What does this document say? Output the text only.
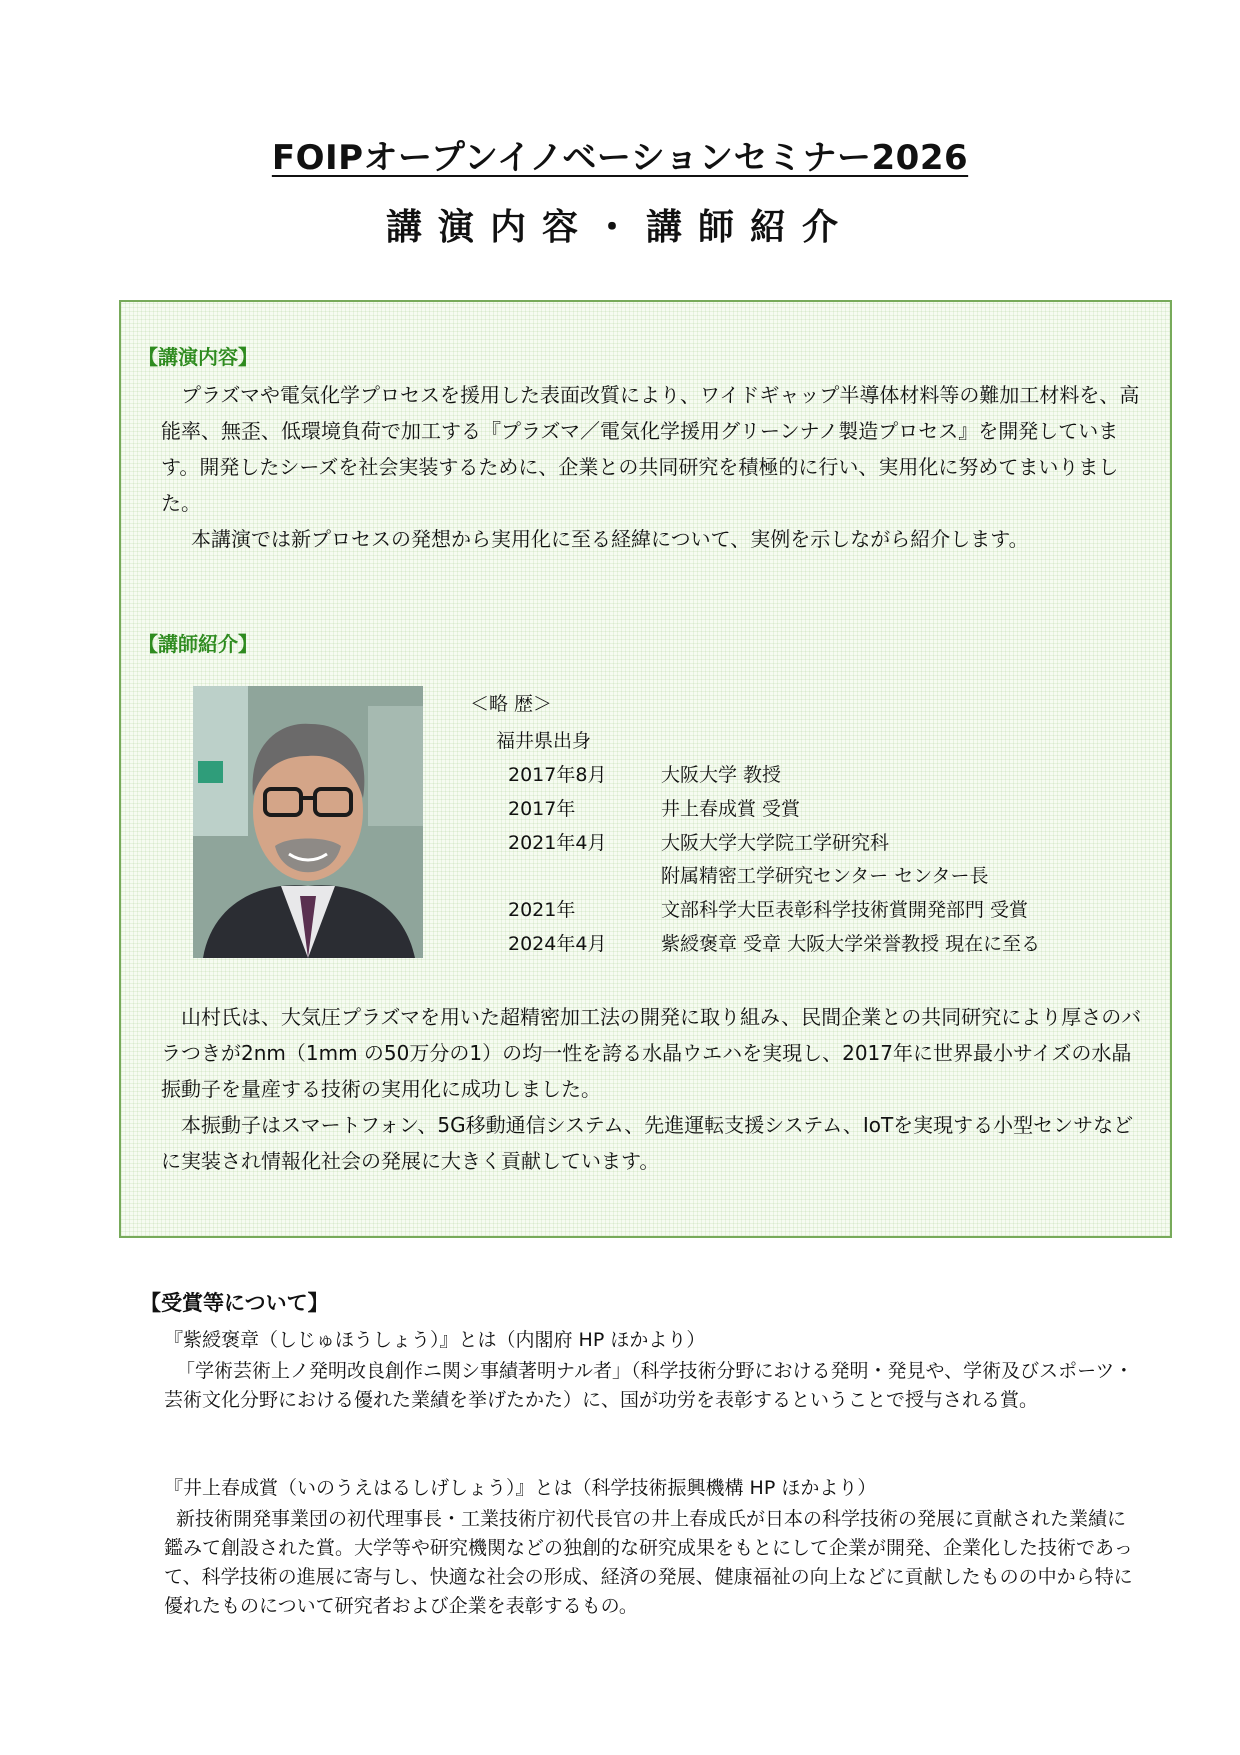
FOIPオープンイノベーションセミナー2026
講演内容・講師紹介
【講演内容】

プラズマや電気化学プロセスを援用した表面改質により、ワイドギャップ半導体材料等の難加工材料を、高能率、無歪、低環境負荷で加工する『プラズマ／電気化学援用グリーンナノ製造プロセス』を開発しています。開発したシーズを社会実装するために、企業との共同研究を積極的に行い、実用化に努めてまいりました。

本講演では新プロセスの発想から実用化に至る経緯について、実例を示しながら紹介します。

【講師紹介】
＜略 歴＞
福井県出身
2017年8月	大阪大学 教授
2017年	井上春成賞 受賞
2021年4月	大阪大学大学院工学研究科
附属精密工学研究センター センター長
2021年	文部科学大臣表彰科学技術賞開発部門 受賞
2024年4月	紫綬褒章 受章 大阪大学栄誉教授 現在に至る

山村氏は、大気圧プラズマを用いた超精密加工法の開発に取り組み、民間企業との共同研究により厚さのバラつきが2nm（1mm の50万分の1）の均一性を誇る水晶ウエハを実現し、2017年に世界最小サイズの水晶振動子を量産する技術の実用化に成功しました。

本振動子はスマートフォン、5G移動通信システム、先進運転支援システム、IoTを実現する小型センサなどに実装され情報化社会の発展に大きく貢献しています。

【受賞等について】
『紫綬褒章（しじゅほうしょう）』とは（内閣府 HP ほかより）

「学術芸術上ノ発明改良創作ニ関シ事績著明ナル者」（科学技術分野における発明・発見や、学術及びスポーツ・芸術文化分野における優れた業績を挙げたかた）に、国が功労を表彰するということで授与される賞。

『井上春成賞（いのうえはるしげしょう）』とは（科学技術振興機構 HP ほかより）

新技術開発事業団の初代理事長・工業技術庁初代長官の井上春成氏が日本の科学技術の発展に貢献された業績に鑑みて創設された賞。大学等や研究機関などの独創的な研究成果をもとにして企業が開発、企業化した技術であって、科学技術の進展に寄与し、快適な社会の形成、経済の発展、健康福祉の向上などに貢献したものの中から特に優れたものについて研究者および企業を表彰するもの。
